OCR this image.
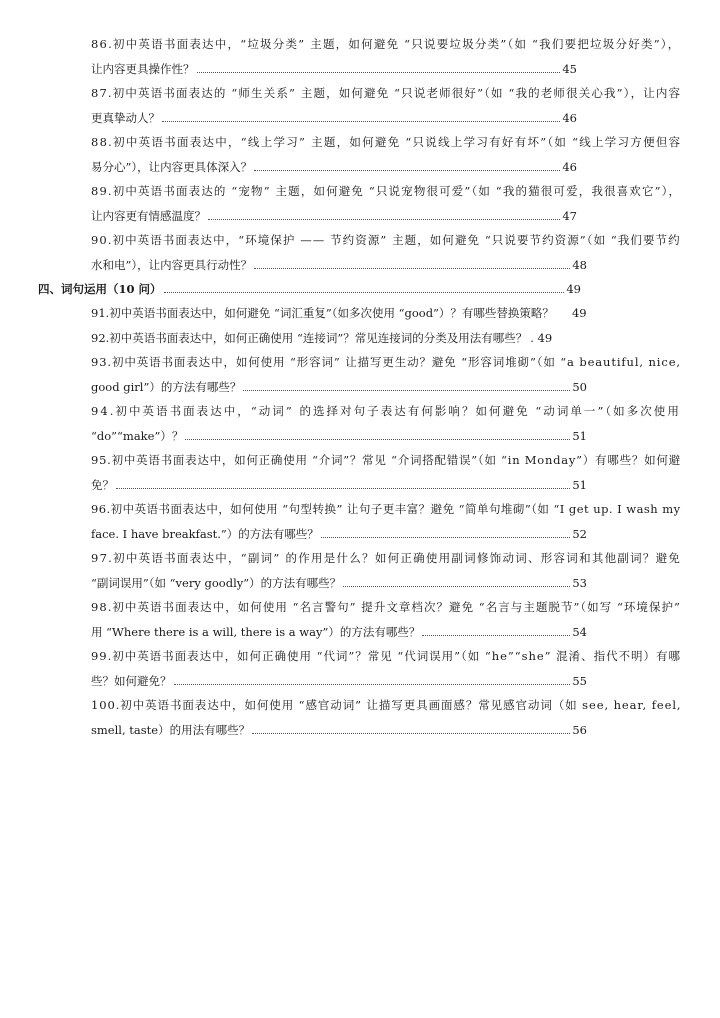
86.初中英语书面表达中，“垃圾分类” 主题，如何避免 “只说要垃圾分类”（如 “我们要把垃圾分好类”），
让内容更具操作性？	45
87.初中英语书面表达的 “师生关系” 主题，如何避免 “只说老师很好”（如 “我的老师很关心我”），让内容
更真挚动人？	46
88.初中英语书面表达中，“线上学习” 主题，如何避免 “只说线上学习有好有坏”（如 “线上学习方便但容
易分心”），让内容更具体深入？	46
89.初中英语书面表达的 “宠物” 主题，如何避免 “只说宠物很可爱”（如 “我的猫很可爱，我很喜欢它”），
让内容更有情感温度？	47
90.初中英语书面表达中，“环境保护 —— 节约资源” 主题，如何避免 “只说要节约资源”（如 “我们要节约
水和电”），让内容更具行动性？	48
四、词句运用（10 问）	49
91.初中英语书面表达中，如何避免 “词汇重复”（如多次使用 “good”）？有哪些替换策略？ 49
92.初中英语书面表达中，如何正确使用 “连接词”？常见连接词的分类及用法有哪些？ . 49
93.初中英语书面表达中，如何使用 “形容词” 让描写更生动？避免 “形容词堆砌”（如 “a beautiful, nice,
good girl”）的方法有哪些？	50
94.初中英语书面表达中，“动词” 的选择对句子表达有何影响？如何避免 “动词单一”（如多次使用
“do”“make”）？	51
95.初中英语书面表达中，如何正确使用 “介词”？常见 “介词搭配错误”（如 “in Monday”）有哪些？如何避
免？	51
96.初中英语书面表达中，如何使用 “句型转换” 让句子更丰富？避免 “简单句堆砌”（如 “I get up. I wash my
face. I have breakfast.”）的方法有哪些？	52
97.初中英语书面表达中，“副词” 的作用是什么？如何正确使用副词修饰动词、形容词和其他副词？避免
“副词误用”（如 “very goodly”）的方法有哪些？	53
98.初中英语书面表达中，如何使用 “名言警句” 提升文章档次？避免 “名言与主题脱节”（如写 “环境保护”
用 “Where there is a will, there is a way”）的方法有哪些？	54
99.初中英语书面表达中，如何正确使用 “代词”？常见 “代词误用”（如 “he”“she” 混淆、指代不明）有哪
些？如何避免？	55
100.初中英语书面表达中，如何使用 “感官动词” 让描写更具画面感？常见感官动词（如 see, hear, feel,
smell, taste）的用法有哪些？	56
